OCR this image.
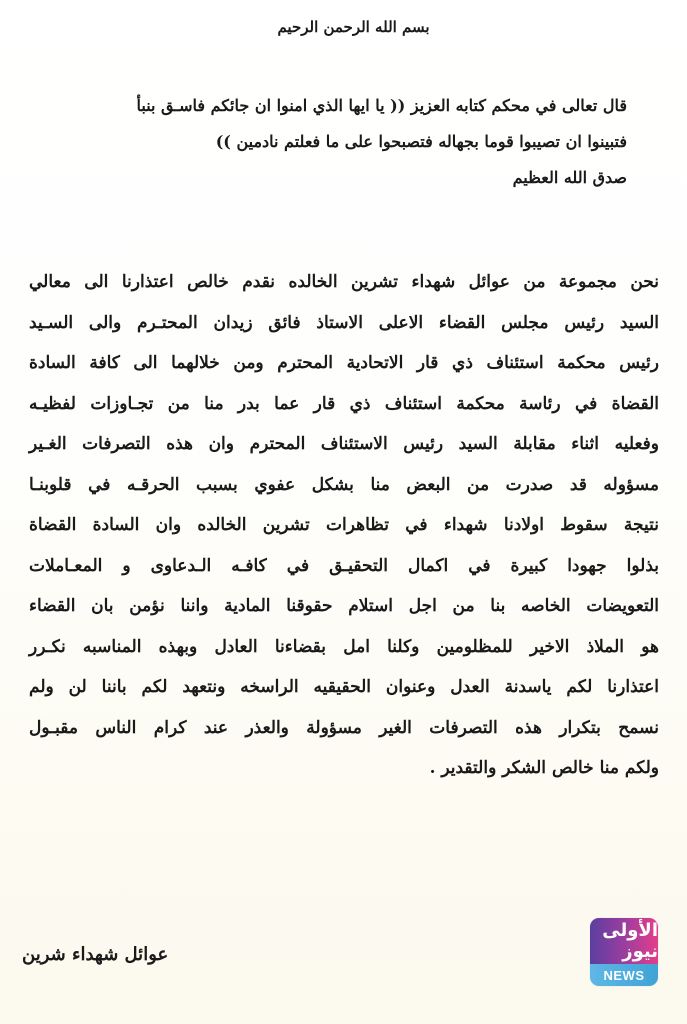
بسم الله الرحمن الرحيم
قال تعالى في محكم كتابه العزيز (( يا ايها الذي امنوا ان جائكم فاسـق بنبأ
فتبينوا ان تصيبوا قوما بجهاله فتصبحوا على ما فعلتم نادمين ))
صدق الله العظيم
نحن مجموعة من عوائل شهداء تشرين الخالده نقدم خالص اعتذارنا الى معالي
السيد رئيس مجلس القضاء الاعلى الاستاذ فائق زيدان المحتـرم والى السـيد
رئيس محكمة استئناف ذي قار الاتحادية المحترم ومن خلالهما الى كافة السادة
القضاة في رئاسة محكمة استئناف ذي قار عما بدر منا من تجـاوزات لفظيـه
وفعليه اثناء مقابلة السيد رئيس الاستئناف المحترم وان هذه التصرفات الغـير
مسؤوله قد صدرت من البعض منا بشكل عفوي بسبب الحرقـه في قلوبنـا
نتيجة سقوط اولادنا شهداء في تظاهرات تشرين الخالده وان السادة القضاة
بذلوا جهودا كبيرة في اكمال التحقيـق في كافـه الـدعاوى و المعـاملات
التعويضات الخاصه بنا من اجل استلام حقوقنا المادية واننا نؤمن بان القضاء
هو الملاذ الاخير للمظلومين وكلنا امل بقضاءنا العادل وبهذه المناسبه نكـرر
اعتذارنا لكم ياسدنة العدل وعنوان الحقيقيه الراسخه ونتعهد لكم باننا لن ولم
نسمح بتكرار هذه التصرفات الغير مسؤولة والعذر عند كرام الناس مقبـول
ولكم منا خالص الشكر والتقدير .
عوائل شهداء شرين
الأولى نيوز
NEWS
